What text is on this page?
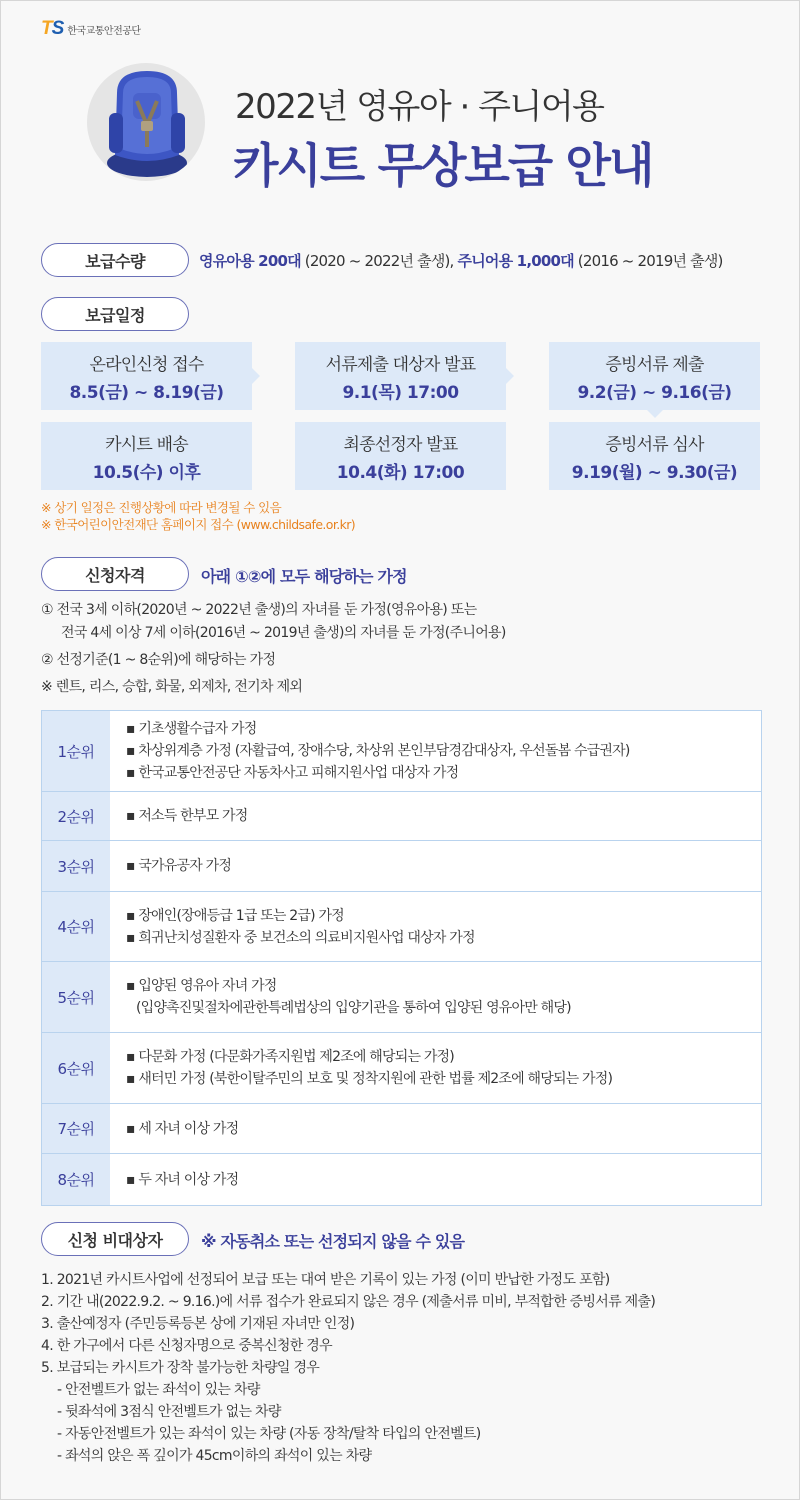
TS 한국교통안전공단
2022년 영유아 · 주니어용
카시트 무상보급 안내
보급수량	영유아용 200대 (2020 ~ 2022년 출생), 주니어용 1,000대 (2016 ~ 2019년 출생)
보급일정
온라인신청 접수
8.5(금) ~ 8.19(금)
서류제출 대상자 발표
9.1(목) 17:00
증빙서류 제출
9.2(금) ~ 9.16(금)
증빙서류 심사
9.19(월) ~ 9.30(금)
최종선정자 발표
10.4(화) 17:00
카시트 배송
10.5(수) 이후
※ 상기 일정은 진행상황에 따라 변경될 수 있음
※ 한국어린이안전재단 홈페이지 접수 (www.childsafe.or.kr)
신청자격	아래 ①②에 모두 해당하는 가정
① 전국 3세 이하(2020년 ~ 2022년 출생)의 자녀를 둔 가정(영유아용) 또는
전국 4세 이상 7세 이하(2016년 ~ 2019년 출생)의 자녀를 둔 가정(주니어용)
② 선정기준(1 ~ 8순위)에 해당하는 가정
※ 렌트, 리스, 승합, 화물, 외제차, 전기차 제외
1순위
▪ 기초생활수급자 가정
▪ 차상위계층 가정 (자활급여, 장애수당, 차상위 본인부담경감대상자, 우선돌봄 수급권자)
▪ 한국교통안전공단 자동차사고 피해지원사업 대상자 가정
2순위	▪ 저소득 한부모 가정
3순위	▪ 국가유공자 가정
4순위
▪ 장애인(장애등급 1급 또는 2급) 가정
▪ 희귀난치성질환자 중 보건소의 의료비지원사업 대상자 가정
5순위
▪ 입양된 영유아 자녀 가정
(입양촉진및절차에관한특례법상의 입양기관을 통하여 입양된 영유아만 해당)
6순위
▪ 다문화 가정 (다문화가족지원법 제2조에 해당되는 가정)
▪ 새터민 가정 (북한이탈주민의 보호 및 정착지원에 관한 법률 제2조에 해당되는 가정)
7순위	▪ 세 자녀 이상 가정
8순위	▪ 두 자녀 이상 가정
신청 비대상자	※ 자동취소 또는 선정되지 않을 수 있음
1. 2021년 카시트사업에 선정되어 보급 또는 대여 받은 기록이 있는 가정 (이미 반납한 가정도 포함)
2. 기간 내(2022.9.2. ~ 9.16.)에 서류 접수가 완료되지 않은 경우 (제출서류 미비, 부적합한 증빙서류 제출)
3. 출산예정자 (주민등록등본 상에 기재된 자녀만 인정)
4. 한 가구에서 다른 신청자명으로 중복신청한 경우
5. 보급되는 카시트가 장착 불가능한 차량일 경우
- 안전벨트가 없는 좌석이 있는 차량
- 뒷좌석에 3점식 안전벨트가 없는 차량
- 자동안전벨트가 있는 좌석이 있는 차량 (자동 장착/탈착 타입의 안전벨트)
- 좌석의 앉은 폭 깊이가 45cm이하의 좌석이 있는 차량
